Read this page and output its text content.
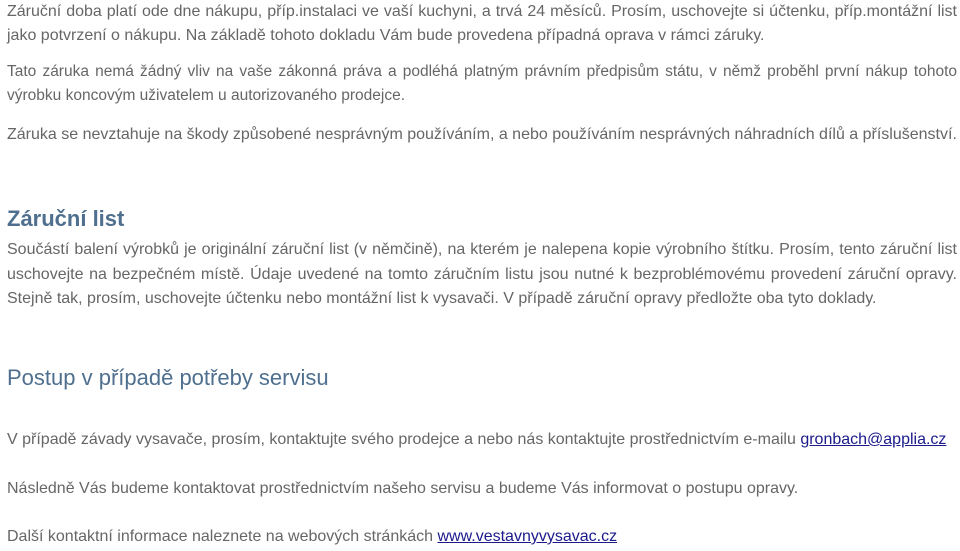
Záruční doba platí ode dne nákupu, příp.instalaci ve vaší kuchyni, a trvá 24 měsíců. Prosím, uschovejte si účtenku, příp.montážní list jako potvrzení o nákupu. Na základě tohoto dokladu Vám bude provedena případná oprava v rámci záruky.

Tato záruka nemá žádný vliv na vaše zákonná práva a podléhá platným právním předpisům státu, v němž proběhl první nákup tohoto výrobku koncovým uživatelem u autorizovaného prodejce.

Záruka se nevztahuje na škody způsobené nesprávným používáním, a nebo používáním nesprávných náhradních dílů a příslušenství.

Záruční list

Součástí balení výrobků je originální záruční list (v němčině), na kterém je nalepena kopie výrobního štítku. Prosím, tento záruční list uschovejte na bezpečném místě. Údaje uvedené na tomto záručním listu jsou nutné k bezproblémovému provedení záruční opravy. Stejně tak, prosím, uschovejte účtenku nebo montážní list k vysavači. V případě záruční opravy předložte oba tyto doklady.

Postup v případě potřeby servisu

V případě závady vysavače, prosím, kontaktujte svého prodejce a nebo nás kontaktujte prostřednictvím e-mailu gronbach@applia.cz

Následně Vás budeme kontaktovat prostřednictvím našeho servisu a budeme Vás informovat o postupu opravy.

Další kontaktní informace naleznete na webových stránkách www.vestavnyvysavac.cz
